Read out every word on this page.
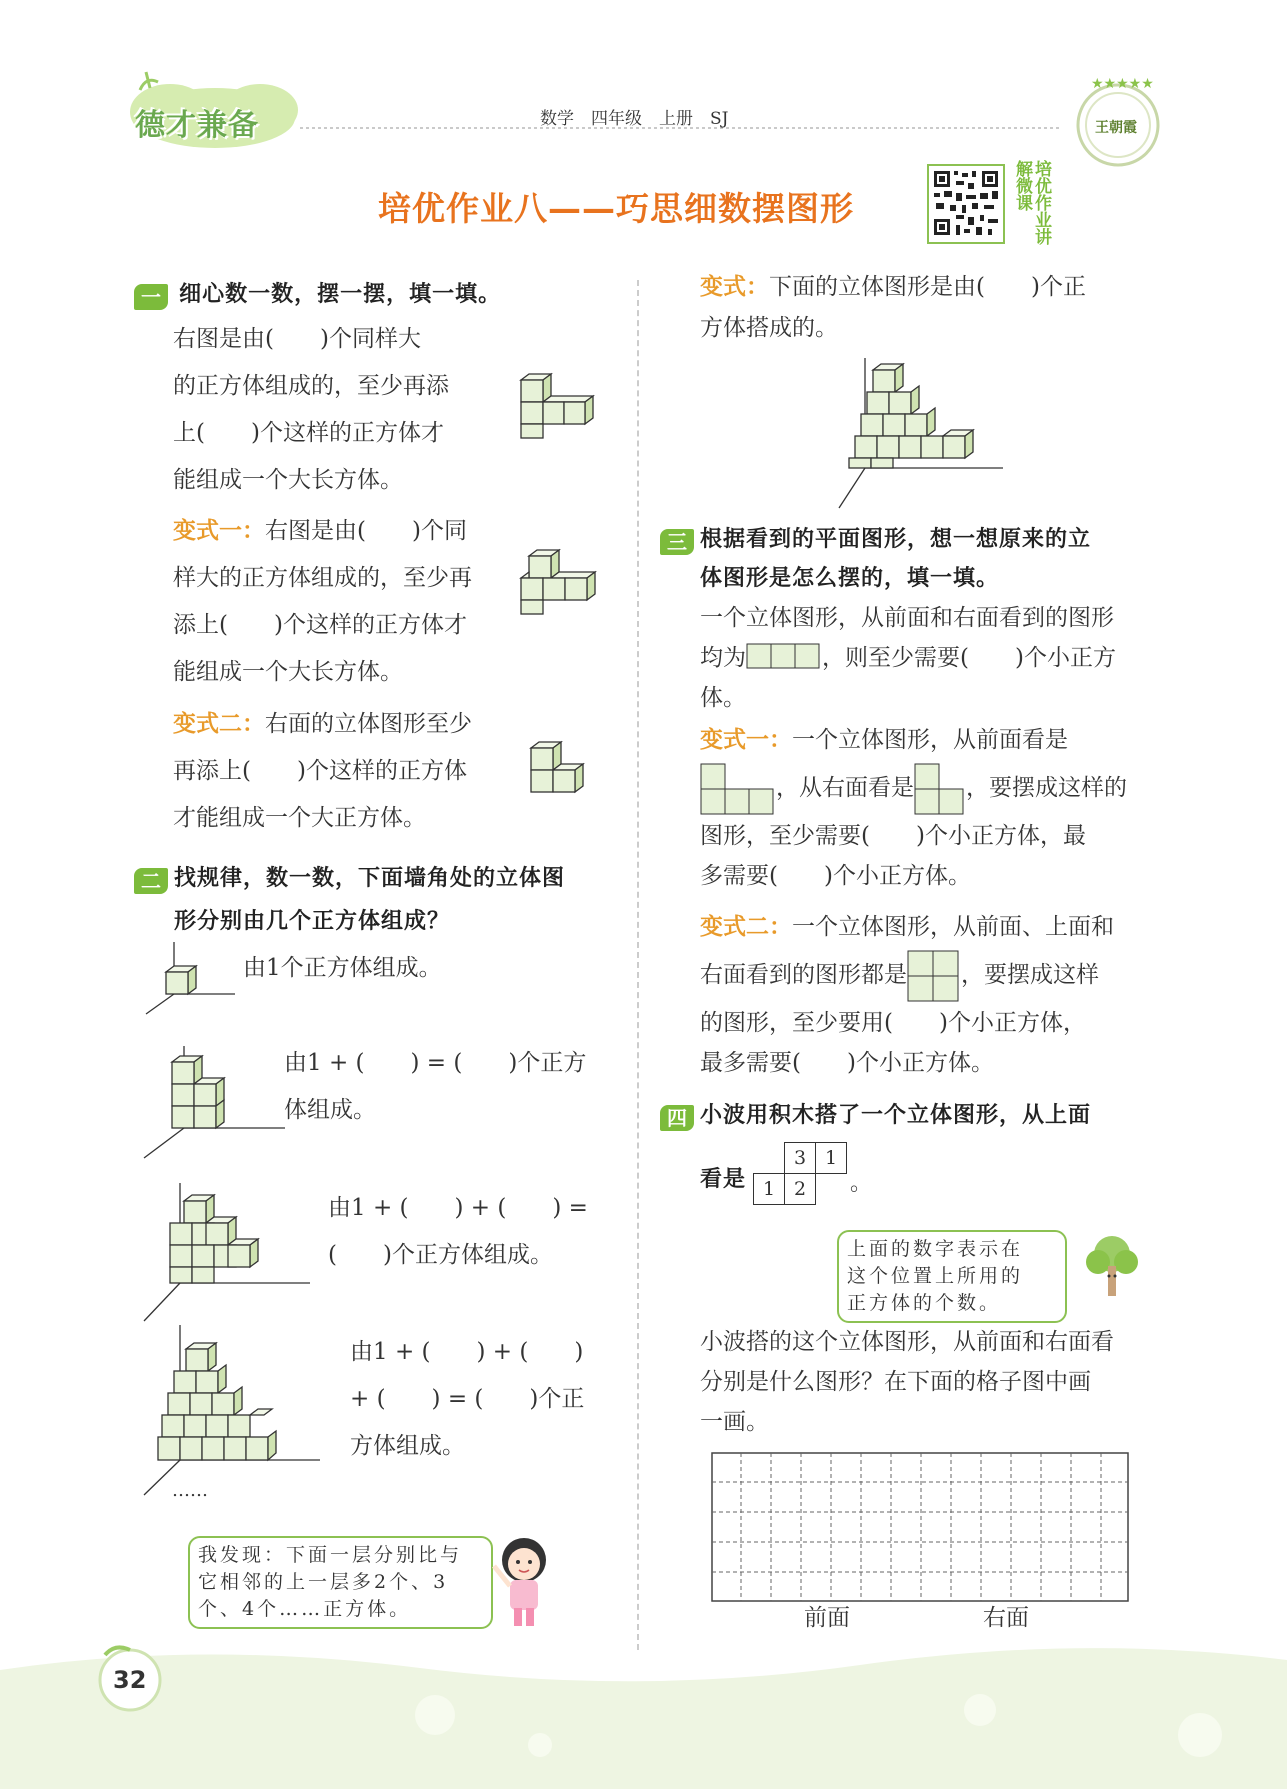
★★★★★
德才兼备	数学　四年级　上册　SJ	王朝霞
培优作业八——巧思细数摆图形	培优作业讲解微课
一 细心数一数，摆一摆，填一填。
右图是由(　　)个同样大
的正方体组成的，至少再添
上(　　)个这样的正方体才
能组成一个大长方体。
变式一：右图是由(　　)个同
样大的正方体组成的，至少再
添上(　　)个这样的正方体才
能组成一个大长方体。
变式二：右面的立体图形至少
再添上(　　)个这样的正方体
才能组成一个大正方体。
二 找规律，数一数，下面墙角处的立体图
形分别由几个正方体组成？
由1个正方体组成。
由1 + (　　) = (　　)个正方
体组成。
由1 + (　　) + (　　) =
(　　)个正方体组成。
由1 + (　　) + (　　)
+ (　　) = (　　)个正
方体组成。
……
我发现：下面一层分别比与
它相邻的上一层多2个、3
个、4个……正方体。
变式：下面的立体图形是由(　　)个正
方体搭成的。
三 根据看到的平面图形，想一想原来的立
体图形是怎么摆的，填一填。
一个立体图形，从前面和右面看到的图形
均为	，则至少需要(　　)个小正方
体。
变式一：一个立体图形，从前面看是
，从右面看是 ，要摆成这样的
图形，至少需要(　　)个小正方体，最
多需要(　　)个小正方体。
变式二：一个立体图形，从前面、上面和
右面看到的图形都是 ，要摆成这样
的图形，至少要用(　　)个小正方体，
最多需要(　　)个小正方体。
四 小波用积木搭了一个立体图形，从上面
看是
3 1
1 2	。
上面的数字表示在
这个位置上所用的
正方体的个数。
小波搭的这个立体图形，从前面和右面看
分别是什么图形？在下面的格子图中画
一画。
前面	右面
32
